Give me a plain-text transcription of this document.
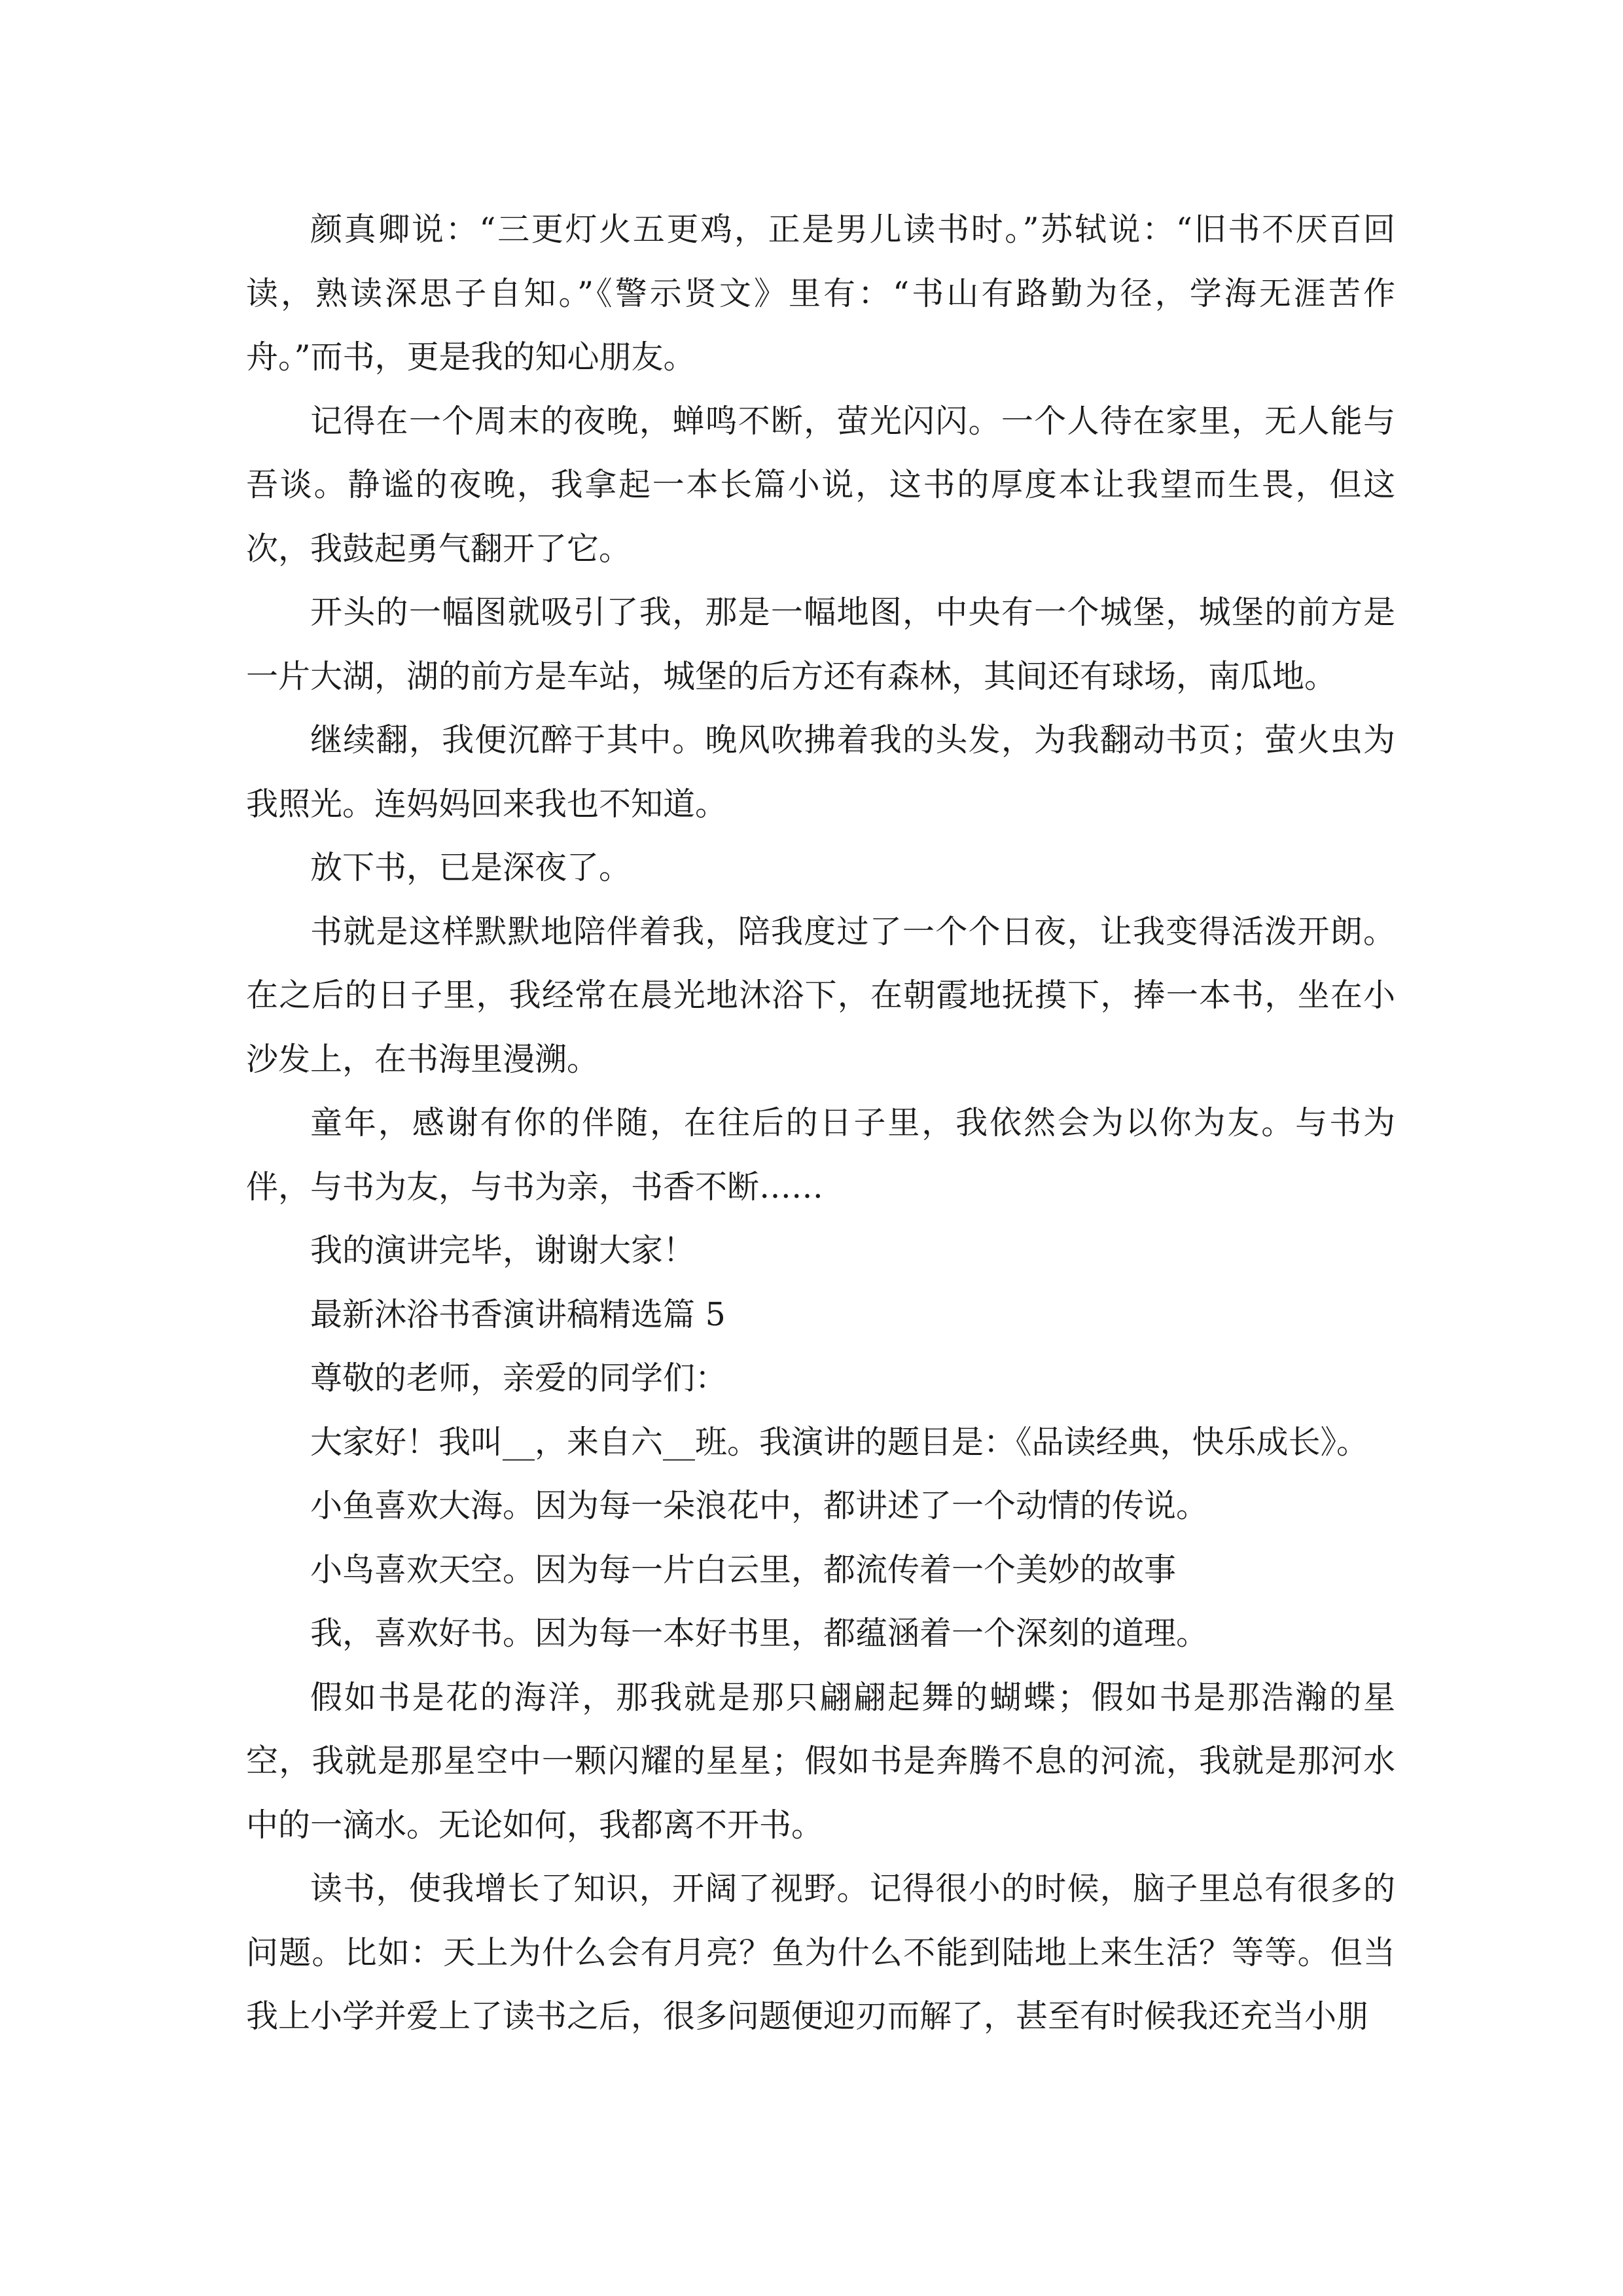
颜真卿说：“三更灯火五更鸡，正是男儿读书时。”苏轼说：“旧书不厌百回读，熟读深思子自知。”《警示贤文》里有：“书山有路勤为径，学海无涯苦作舟。”而书，更是我的知心朋友。

记得在一个周末的夜晚，蝉鸣不断，萤光闪闪。一个人待在家里，无人能与吾谈。静谧的夜晚，我拿起一本长篇小说，这书的厚度本让我望而生畏，但这次，我鼓起勇气翻开了它。

开头的一幅图就吸引了我，那是一幅地图，中央有一个城堡，城堡的前方是一片大湖，湖的前方是车站，城堡的后方还有森林，其间还有球场，南瓜地。

继续翻，我便沉醉于其中。晚风吹拂着我的头发，为我翻动书页；萤火虫为我照光。连妈妈回来我也不知道。

放下书，已是深夜了。

书就是这样默默地陪伴着我，陪我度过了一个个日夜，让我变得活泼开朗。在之后的日子里，我经常在晨光地沐浴下，在朝霞地抚摸下，捧一本书，坐在小沙发上，在书海里漫溯。

童年，感谢有你的伴随，在往后的日子里，我依然会为以你为友。与书为伴，与书为友，与书为亲，书香不断……

我的演讲完毕，谢谢大家！

最新沐浴书香演讲稿精选篇 5

尊敬的老师，亲爱的同学们：

大家好！我叫__，来自六__班。我演讲的题目是：《品读经典，快乐成长》。

小鱼喜欢大海。因为每一朵浪花中，都讲述了一个动情的传说。

小鸟喜欢天空。因为每一片白云里，都流传着一个美妙的故事

我，喜欢好书。因为每一本好书里，都蕴涵着一个深刻的道理。

假如书是花的海洋，那我就是那只翩翩起舞的蝴蝶；假如书是那浩瀚的星空，我就是那星空中一颗闪耀的星星；假如书是奔腾不息的河流，我就是那河水中的一滴水。无论如何，我都离不开书。

读书，使我增长了知识，开阔了视野。记得很小的时候，脑子里总有很多的问题。比如：天上为什么会有月亮？鱼为什么不能到陆地上来生活？等等。但当我上小学并爱上了读书之后，很多问题便迎刃而解了，甚至有时候我还充当小朋
